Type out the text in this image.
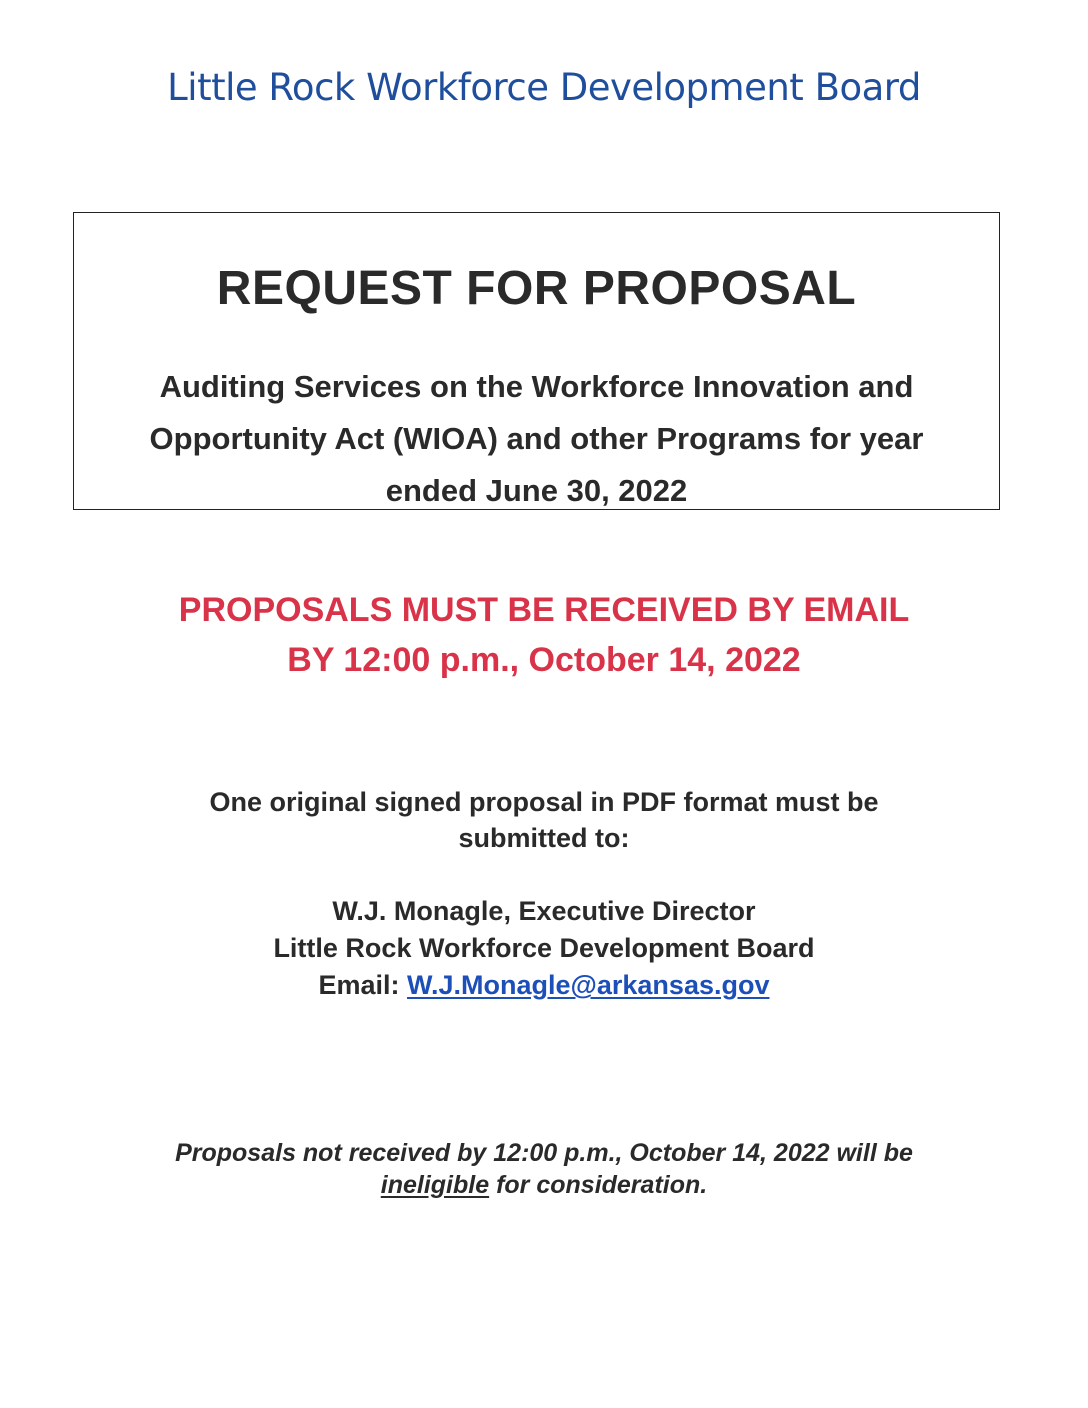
Little Rock Workforce Development Board
REQUEST FOR PROPOSAL
Auditing Services on the Workforce Innovation and
Opportunity Act (WIOA) and other Programs for year
ended June 30, 2022
PROPOSALS MUST BE RECEIVED BY EMAIL
BY 12:00 p.m., October 14, 2022
One original signed proposal in PDF format must be
submitted to:
W.J. Monagle, Executive Director
Little Rock Workforce Development Board
Email: W.J.Monagle@arkansas.gov
Proposals not received by 12:00 p.m., October 14, 2022 will be
ineligible for consideration.
